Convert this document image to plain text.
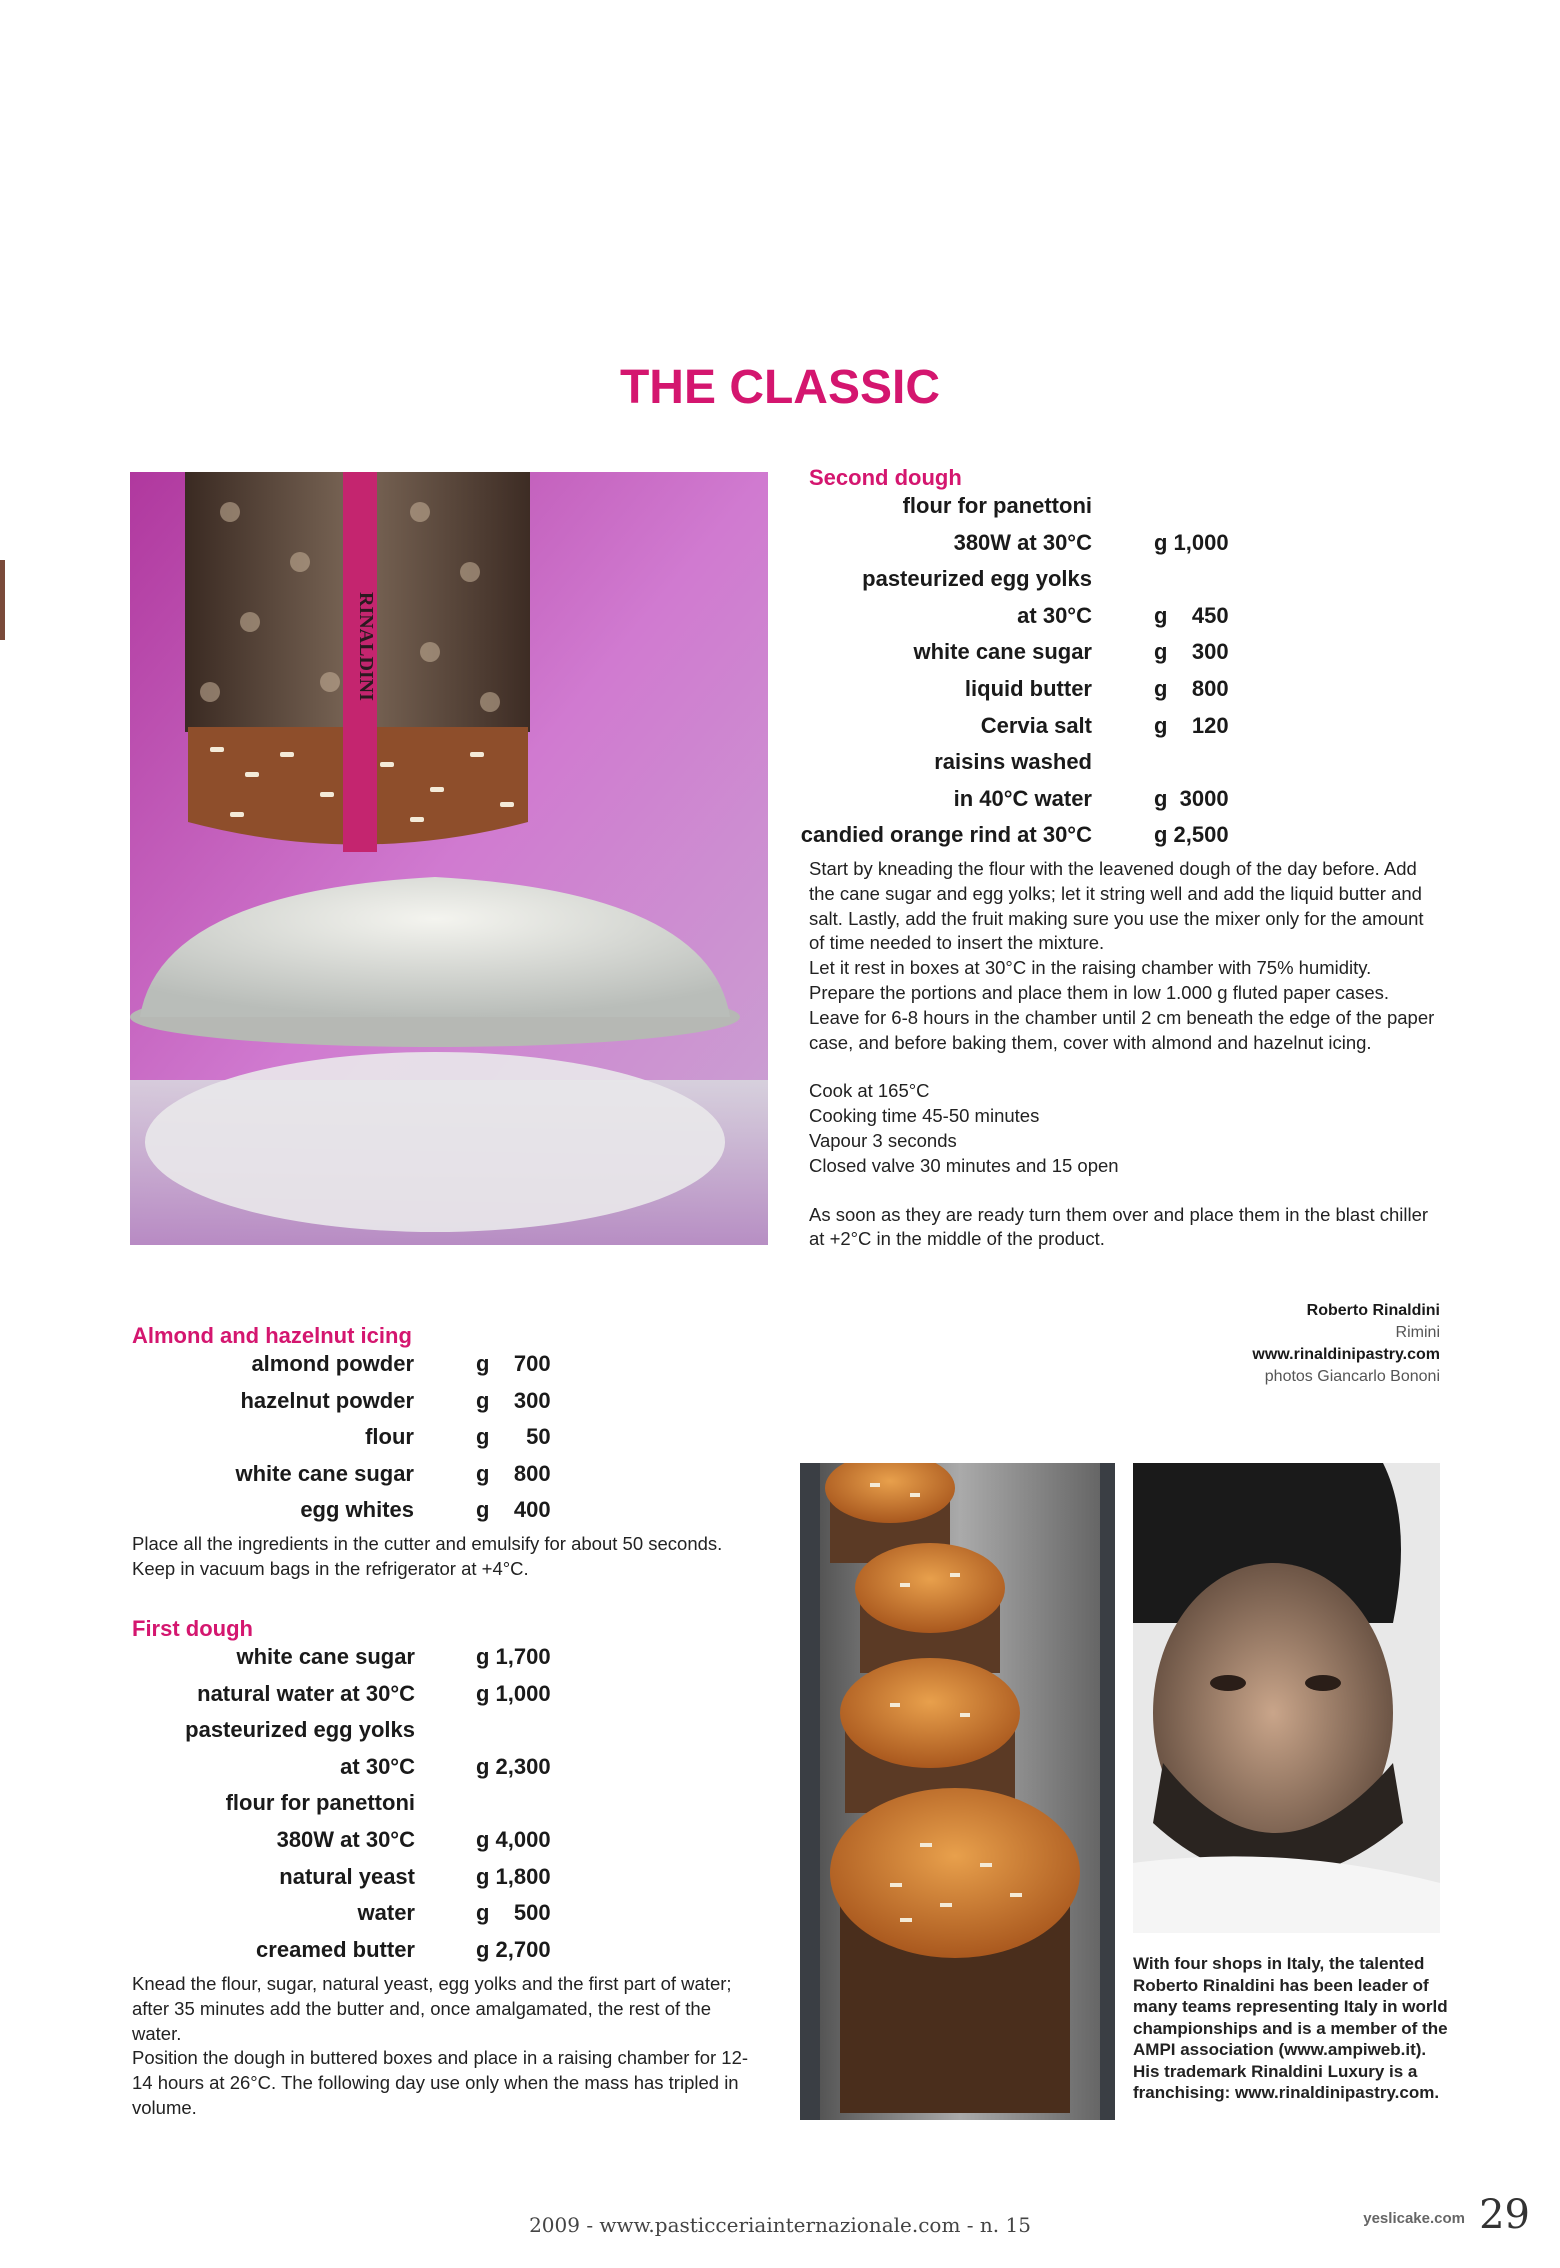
THE CLASSIC
RINALDINI
Second dough
flour for panettoni
380W at 30°C	g 1,000
pasteurized egg yolks
at 30°C	g    450
white cane sugar	g    300
liquid butter	g    800
Cervia salt	g    120
raisins washed
in 40°C water	g  3000
candied orange rind at 30°C	g 2,500

Start by kneading the flour with the leavened dough of the day before. Add the cane sugar and egg yolks; let it string well and add the liquid butter and salt. Lastly, add the fruit making sure you use the mixer only for the amount of time needed to insert the mixture.

Let it rest in boxes at 30°C in the raising chamber with 75% humidity. Prepare the portions and place them in low 1.000 g fluted paper cases. Leave for 6-8 hours in the chamber until 2 cm beneath the edge of the paper case, and before baking them, cover with almond and hazelnut icing.

Cook at 165°C

Cooking time 45-50 minutes

Vapour 3 seconds

Closed valve 30 minutes and 15 open

As soon as they are ready turn them over and place them in the blast chiller at +2°C in the middle of the product.

Roberto Rinaldini
Rimini
www.rinaldinipastry.com
photos Giancarlo Bononi
Almond and hazelnut icing
almond powder	g    700
hazelnut powder	g    300
flour	g      50
white cane sugar	g    800
egg whites	g    400

Place all the ingredients in the cutter and emulsify for about 50 seconds. Keep in vacuum bags in the refrigerator at +4°C.

First dough
white cane sugar	g 1,700
natural water at 30°C	g 1,000
pasteurized egg yolks
at 30°C	g 2,300
flour for panettoni
380W at 30°C	g 4,000
natural yeast	g 1,800
water	g    500
creamed butter	g 2,700

Knead the flour, sugar, natural yeast, egg yolks and the first part of water; after 35 minutes add the butter and, once amalgamated, the rest of the water.

Position the dough in buttered boxes and place in a raising chamber for 12-14 hours at 26°C. The following day use only when the mass has tripled in volume.

With four shops in Italy, the talented Roberto Rinaldini has been leader of many teams representing Italy in world championships and is a member of the AMPI association (www.ampiweb.it). His trademark Rinaldini Luxury is a franchising: www.rinaldinipastry.com.
2009 - www.pasticceriainternazionale.com - n. 15	yeslicake.com 29
